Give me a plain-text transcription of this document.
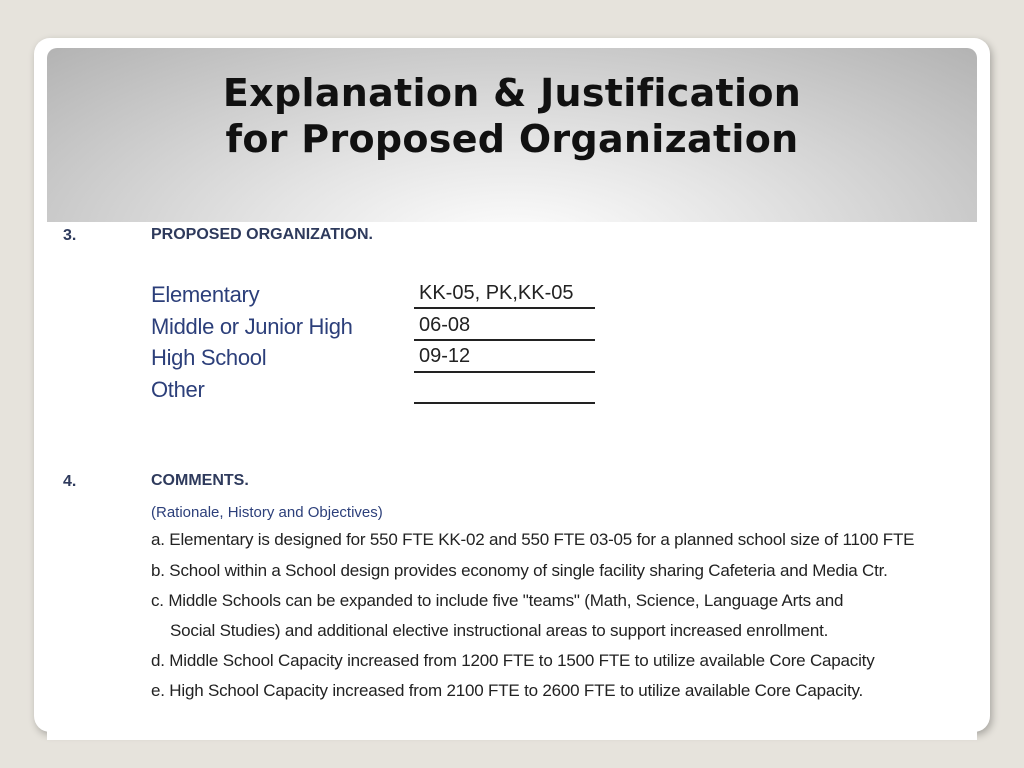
Explanation & Justification
for Proposed Organization
3.	PROPOSED ORGANIZATION.
Elementary	KK-05, PK,KK-05
Middle or Junior High	06-08
High School	09-12
Other
4.	COMMENTS.
(Rationale, History and Objectives)
a. Elementary is designed for 550 FTE KK-02 and 550 FTE 03-05 for a planned school size of 1100 FTE
b. School within a School design provides economy of single facility sharing Cafeteria and Media Ctr.
c. Middle Schools can be expanded to include five "teams" (Math, Science, Language Arts and
Social Studies) and additional elective instructional areas to support increased enrollment.
d. Middle School Capacity increased from 1200 FTE to 1500 FTE to utilize available Core Capacity
e. High School Capacity increased from 2100 FTE to 2600 FTE to utilize available Core Capacity.
